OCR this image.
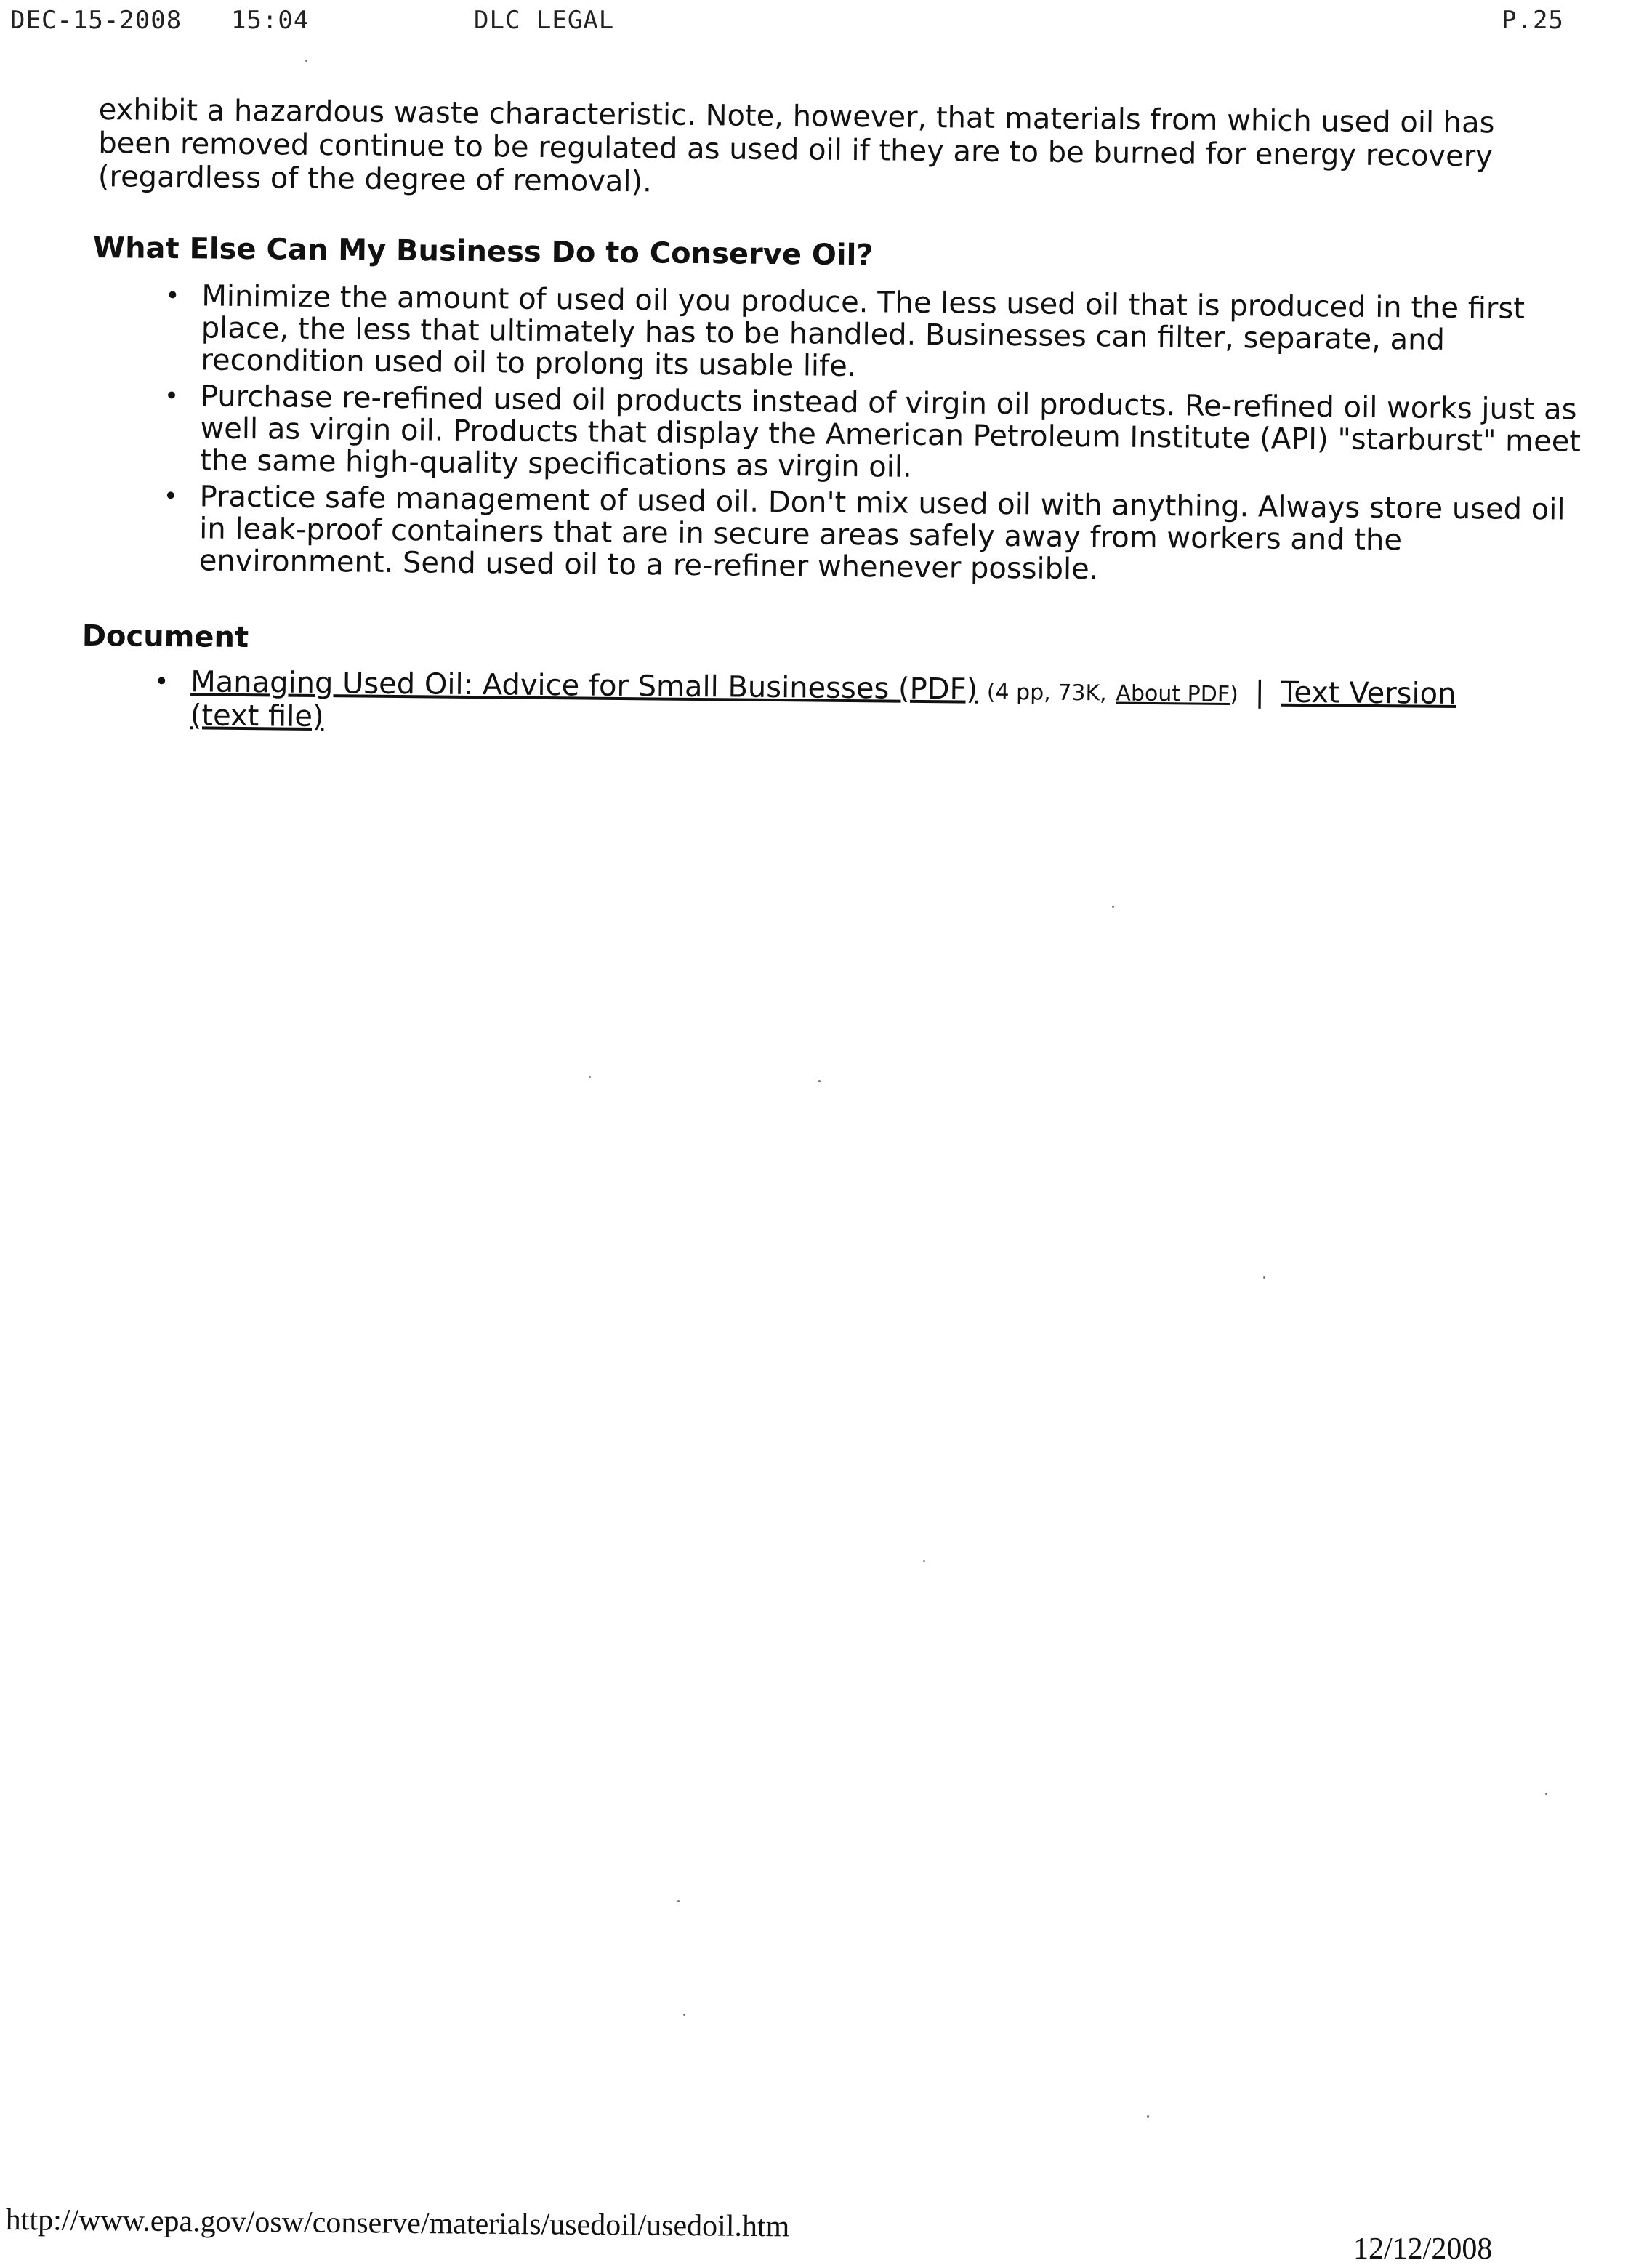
DEC-15-2008 15:04	DLC LEGAL	P.25

exhibit a hazardous waste characteristic. Note, however, that materials from which used oil has been removed continue to be regulated as used oil if they are to be burned for energy recovery (regardless of the degree of removal).

What Else Can My Business Do to Conserve Oil?
• Minimize the amount of used oil you produce. The less used oil that is produced in the first place, the less that ultimately has to be handled. Businesses can filter, separate, and recondition used oil to prolong its usable life.
• Purchase re-refined used oil products instead of virgin oil products. Re-refined oil works just as well as virgin oil. Products that display the American Petroleum Institute (API) "starburst" meet the same high-quality specifications as virgin oil.
• Practice safe management of used oil. Don't mix used oil with anything. Always store used oil in leak-proof containers that are in secure areas safely away from workers and the environment. Send used oil to a re-refiner whenever possible.
Document
• Managing Used Oil: Advice for Small Businesses (PDF) (4 pp, 73K, About PDF) | Text Version (text file)
http://www.epa.gov/osw/conserve/materials/usedoil/usedoil.htm
12/12/2008
